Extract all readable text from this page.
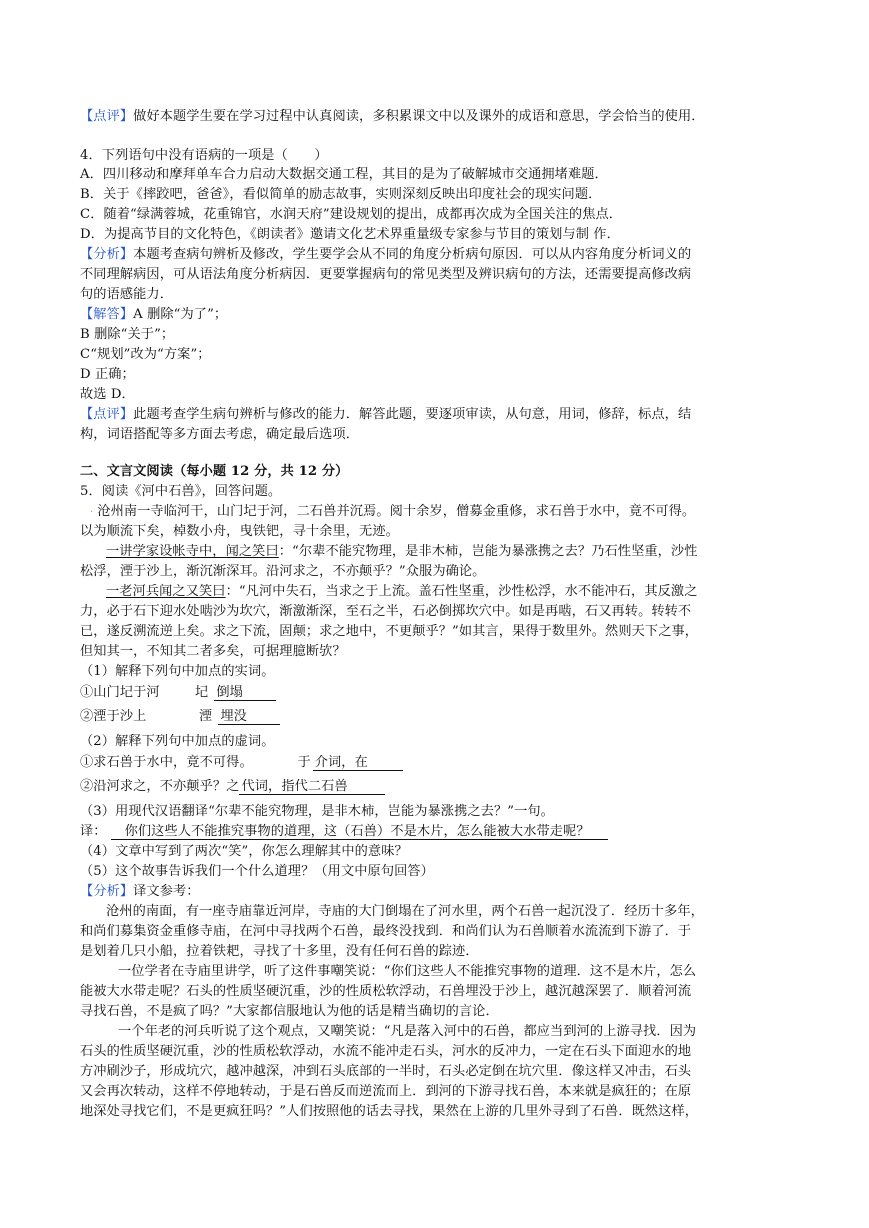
【点评】做好本题学生要在学习过程中认真阅读，多积累课文中以及课外的成语和意思，学会恰当的使用．
4．下列语句中没有语病的一项是（　　）
A．四川移动和摩拜单车合力启动大数据交通工程，其目的是为了破解城市交通拥堵难题．
B．关于《摔跤吧，爸爸》，看似简单的励志故事，实则深刻反映出印度社会的现实问题．
C．随着“绿满蓉城，花重锦官，水润天府”建设规划的提出，成都再次成为全国关注的焦点．
D．为提高节目的文化特色，《朗读者》邀请文化艺术界重量级专家参与节目的策划与制 作．
【分析】本题考查病句辨析及修改，学生要学会从不同的角度分析病句原因．可以从内容角度分析词义的
不同理解病因，可从语法角度分析病因．更要掌握病句的常见类型及辨识病句的方法，还需要提高修改病
句的语感能力．
【解答】A 删除“为了”；
B 删除“关于”；
C“规划”改为“方案”；
D 正确；
故选 D．
【点评】此题考查学生病句辨析与修改的能力．解答此题，要逐项审读，从句意，用词，修辞，标点，结
构，词语搭配等多方面去考虑，确定最后选项．
二、文言文阅读（每小题 12 分，共 12 分）
5．阅读《河中石兽》，回答问题。
· 沧州南一寺临河干，山门圮于河，二石兽并沉焉。阅十余岁，僧募金重修，求石兽于水中，竟不可得。
以为顺流下矣，棹数小舟，曳铁钯，寻十余里，无迹。
一讲学家设帐寺中，闻之笑曰：“尔辈不能究物理，是非木柿，岂能为暴涨携之去？乃石性坚重，沙性
松浮，湮于沙上，渐沉渐深耳。沿河求之，不亦颠乎？”众服为确论。
一老河兵闻之又笑曰：“凡河中失石，当求之于上流。盖石性坚重，沙性松浮，水不能冲石，其反激之
力，必于石下迎水处啮沙为坎穴，渐激渐深，至石之半，石必倒掷坎穴中。如是再啮，石又再转。转转不
已，遂反溯流逆上矣。求之下流，固颠；求之地中，不更颠乎？”如其言，果得于数里外。然则天下之事，
但知其一，不知其二者多矣，可据理臆断欤？
（1）解释下列句中加点的实词。
①山门圮于河　圮 倒塌
②湮于沙上　　湮 埋没
（2）解释下列句中加点的虚词。
①求石兽于水中，竟不可得。　	于 介词，在
②沿河求之，不亦颠乎？之 代词，指代二石兽
（3）用现代汉语翻译“尔辈不能究物理，是非木柿，岂能为暴涨携之去？”一句。
译： 你们这些人不能推究事物的道理，这（石兽）不是木片，怎么能被大水带走呢？
（4）文章中写到了两次“笑”，你怎么理解其中的意味？
（5）这个故事告诉我们一个什么道理？（用文中原句回答）
【分析】译文参考：
沧州的南面，有一座寺庙靠近河岸，寺庙的大门倒塌在了河水里，两个石兽一起沉没了．经历十多年，
和尚们募集资金重修寺庙，在河中寻找两个石兽，最终没找到．和尚们认为石兽顺着水流流到下游了．于
是划着几只小船，拉着铁耙，寻找了十多里，没有任何石兽的踪迹．
一位学者在寺庙里讲学，听了这件事嘲笑说：“你们这些人不能推究事物的道理．这不是木片，怎么
能被大水带走呢？石头的性质坚硬沉重，沙的性质松软浮动，石兽埋没于沙上，越沉越深罢了．顺着河流
寻找石兽，不是疯了吗？”大家都信服地认为他的话是精当确切的言论．
一个年老的河兵听说了这个观点，又嘲笑说：“凡是落入河中的石兽，都应当到河的上游寻找．因为
石头的性质坚硬沉重，沙的性质松软浮动，水流不能冲走石头，河水的反冲力，一定在石头下面迎水的地
方冲刷沙子，形成坑穴，越冲越深，冲到石头底部的一半时，石头必定倒在坑穴里．像这样又冲击，石头
又会再次转动，这样不停地转动，于是石兽反而逆流而上．到河的下游寻找石兽，本来就是疯狂的；在原
地深处寻找它们，不是更疯狂吗？”人们按照他的话去寻找，果然在上游的几里外寻到了石兽．既然这样，
